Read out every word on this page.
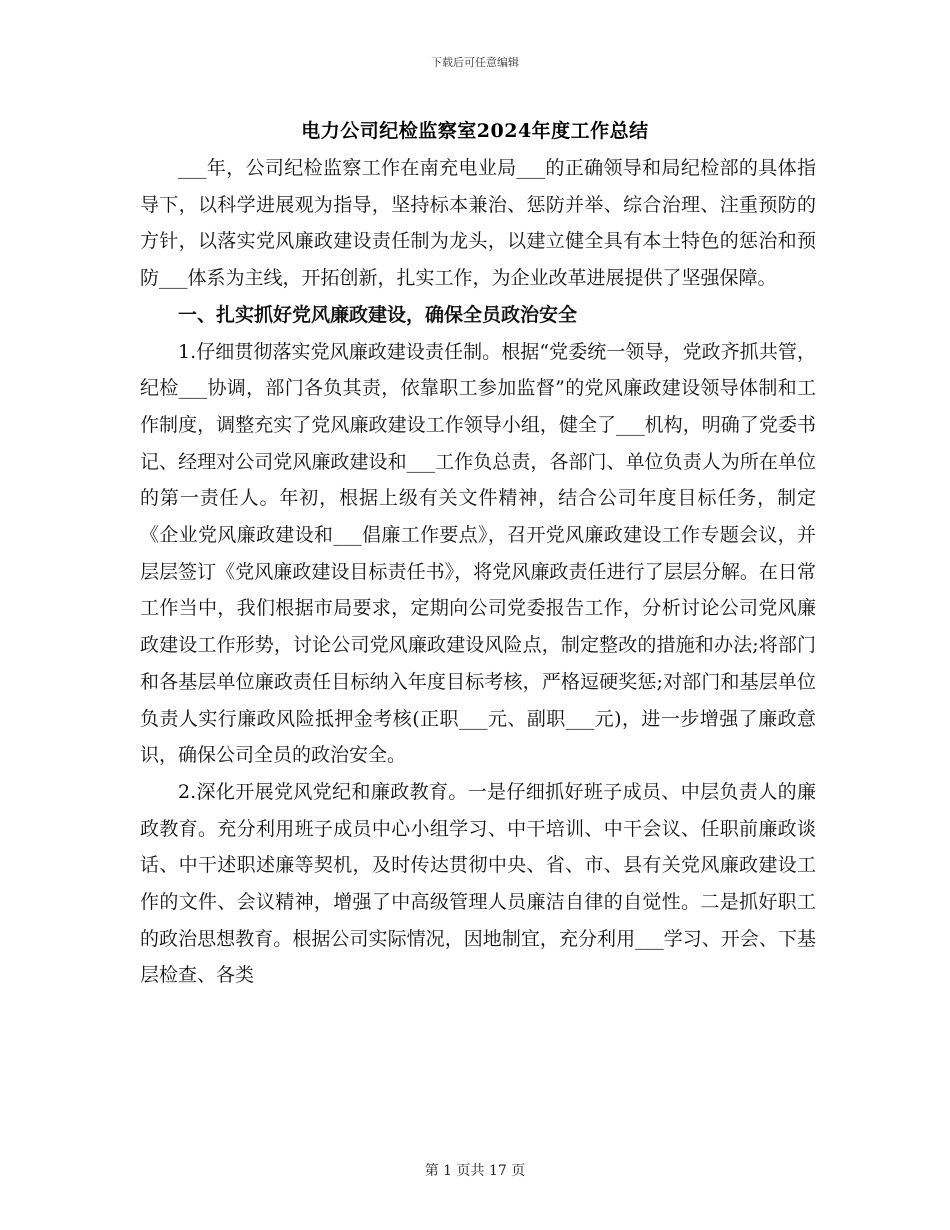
下载后可任意编辑
电力公司纪检监察室2024年度工作总结

___年，公司纪检监察工作在南充电业局___的正确领导和局纪检部的具体指导下，以科学进展观为指导，坚持标本兼治、惩防并举、综合治理、注重预防的方针，以落实党风廉政建设责任制为龙头，以建立健全具有本土特色的惩治和预防___体系为主线，开拓创新，扎实工作，为企业改革进展提供了坚强保障。

一、扎实抓好党风廉政建设，确保全员政治安全

1.仔细贯彻落实党风廉政建设责任制。根据“党委统一领导，党政齐抓共管，纪检___协调，部门各负其责，依靠职工参加监督”的党风廉政建设领导体制和工作制度，调整充实了党风廉政建设工作领导小组，健全了___机构，明确了党委书记、经理对公司党风廉政建设和___工作负总责，各部门、单位负责人为所在单位的第一责任人。年初，根据上级有关文件精神，结合公司年度目标任务，制定《企业党风廉政建设和___倡廉工作要点》，召开党风廉政建设工作专题会议，并层层签订《党风廉政建设目标责任书》，将党风廉政责任进行了层层分解。在日常工作当中，我们根据市局要求，定期向公司党委报告工作，分析讨论公司党风廉政建设工作形势，讨论公司党风廉政建设风险点，制定整改的措施和办法;将部门和各基层单位廉政责任目标纳入年度目标考核，严格逗硬奖惩;对部门和基层单位负责人实行廉政风险抵押金考核(正职___元、副职___元)，进一步增强了廉政意识，确保公司全员的政治安全。

2.深化开展党风党纪和廉政教育。一是仔细抓好班子成员、中层负责人的廉政教育。充分利用班子成员中心小组学习、中干培训、中干会议、任职前廉政谈话、中干述职述廉等契机，及时传达贯彻中央、省、市、县有关党风廉政建设工作的文件、会议精神，增强了中高级管理人员廉洁自律的自觉性。二是抓好职工的政治思想教育。根据公司实际情况，因地制宜，充分利用___学习、开会、下基层检查、各类

第 1 页共 17 页
